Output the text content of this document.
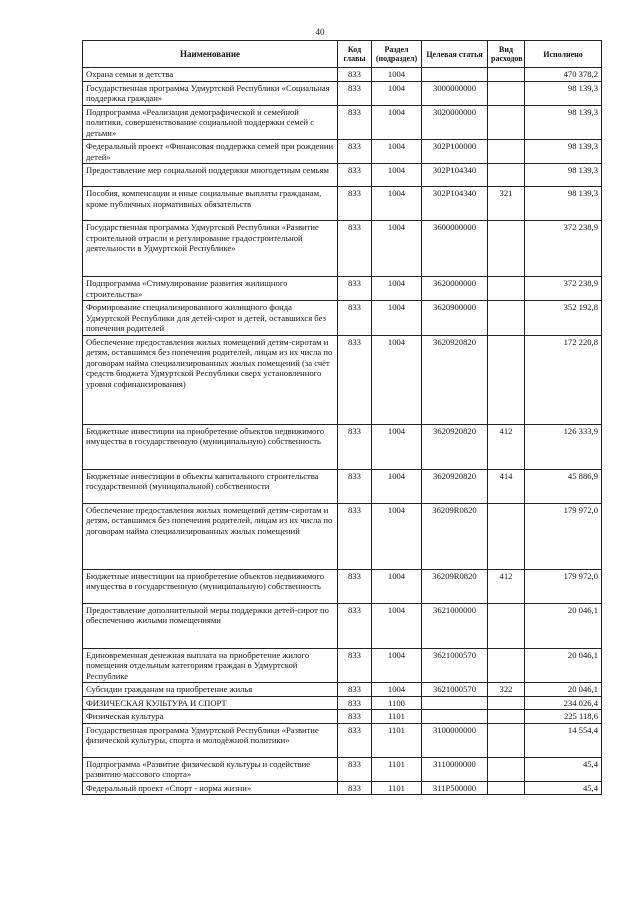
40
Наименование	Код главы	Раздел (подраздел)	Целевая статья	Вид расходов	Исполнено
Охрана семьи и детства	833	1004			470 378,2
Государственная программа Удмуртской Республики «Социальная поддержка граждан»	833	1004	3000000000		98 139,3
Подпрограмма «Реализация демографической и семейной политики, совершенствование социальной поддержки семей с детьми»	833	1004	3020000000		98 139,3
Федеральный проект «Финансовая поддержка семей при рождении детей»	833	1004	302P100000		98 139,3
Предоставление мер социальной поддержки многодетным семьям	833	1004	302P104340		98 139,3
Пособия, компенсации и иные социальные выплаты гражданам, кроме публичных нормативных обязательств	833	1004	302P104340	321	98 139,3
Государственная программа Удмуртской Республики «Развитие строительной отрасли и регулирование градостроительной деятельности в Удмуртской Республике»	833	1004	3600000000		372 238,9
Подпрограмма «Стимулирование развития жилищного строительства»	833	1004	3620000000		372 238,9
Формирование специализированного жилищного фонда Удмуртской Республики для детей-сирот и детей, оставшихся без попечения родителей	833	1004	3620900000		352 192,8
Обеспечение предоставления жилых помещений детям-сиротам и детям, оставшимся без попечения родителей, лицам из их числа по договорам найма специализированных жилых помещений (за счёт средств бюджета Удмуртской Республики сверх установленного уровня софинансирования)	833	1004	3620920820		172 220,8
Бюджетные инвестиции на приобретение объектов недвижимого имущества в государственную (муниципальную) собственность	833	1004	3620920820	412	126 333,9
Бюджетные инвестиции в объекты капитального строительства государственной (муниципальной) собственности	833	1004	3620920820	414	45 886,9
Обеспечение предоставления жилых помещений детям-сиротам и детям, оставшимся без попечения родителей, лицам из их числа по договорам найма специализированных жилых помещений	833	1004	36209R0820		179 972,0
Бюджетные инвестиции на приобретение объектов недвижимого имущества в государственную (муниципальную) собственность	833	1004	36209R0820	412	179 972,0
Предоставление дополнительной меры поддержки детей-сирот по обеспечению жилыми помещениями	833	1004	3621000000		20 046,1
Единовременная денежная выплата на приобретение жилого помещения отдельным категориям граждан в Удмуртской Республике	833	1004	3621000570		20 046,1
Субсидии гражданам на приобретение жилья	833	1004	3621000570	322	20 046,1
ФИЗИЧЕСКАЯ КУЛЬТУРА И СПОРТ	833	1100			234 026,4
Физическая культура	833	1101			225 118,6
Государственная программа Удмуртской Республики «Развитие физической культуры, спорта и молодёжной политики»	833	1101	3100000000		14 554,4
Подпрограмма «Развитие физической культуры и содействие развитию массового спорта»	833	1101	3110000000		45,4
Федеральный проект «Спорт - норма жизни»	833	1101	311P500000		45,4
